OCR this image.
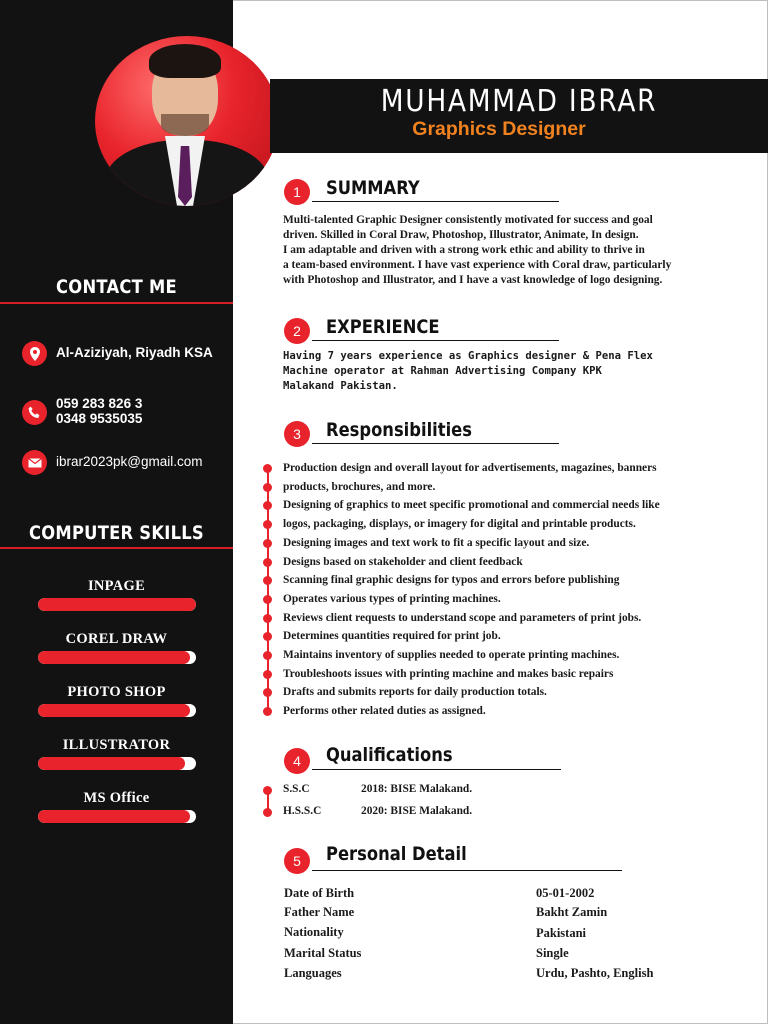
CONTACT ME
Al-Aziziyah, Riyadh KSA
059 283 826 3
0348 9535035
ibrar2023pk@gmail.com
COMPUTER SKILLS
INPAGE
COREL DRAW
PHOTO SHOP
ILLUSTRATOR
MS Office
MUHAMMAD IBRAR
Graphics Designer
1	SUMMARY
Multi-talented Graphic Designer consistently motivated for success and goal
driven. Skilled in Coral Draw, Photoshop, Illustrator, Animate, In design.
I am adaptable and driven with a strong work ethic and ability to thrive in
a team-based environment. I have vast experience with Coral draw, particularly
with Photoshop and Illustrator, and I have a vast knowledge of logo designing.
2	EXPERIENCE
Having 7 years experience as Graphics designer & Pena Flex
Machine operator at Rahman Advertising Company KPK
Malakand Pakistan.
3	Responsibilities
Production design and overall layout for advertisements, magazines, banners
products, brochures, and more.
Designing of graphics to meet specific promotional and commercial needs like
logos, packaging, displays, or imagery for digital and printable products.
Designing images and text work to fit a specific layout and size.
Designs based on stakeholder and client feedback
Scanning final graphic designs for typos and errors before publishing
Operates various types of printing machines.
Reviews client requests to understand scope and parameters of print jobs.
Determines quantities required for print job.
Maintains inventory of supplies needed to operate printing machines.
Troubleshoots issues with printing machine and makes basic repairs
Drafts and submits reports for daily production totals.
Performs other related duties as assigned.
4	Qualifications
S.S.C	2018: BISE Malakand.
H.S.S.C	2020: BISE Malakand.
5	Personal Detail
Date of Birth	05-01-2002
Father Name	Bakht Zamin
Nationality	Pakistani
Marital Status	Single
Languages	Urdu, Pashto, English
